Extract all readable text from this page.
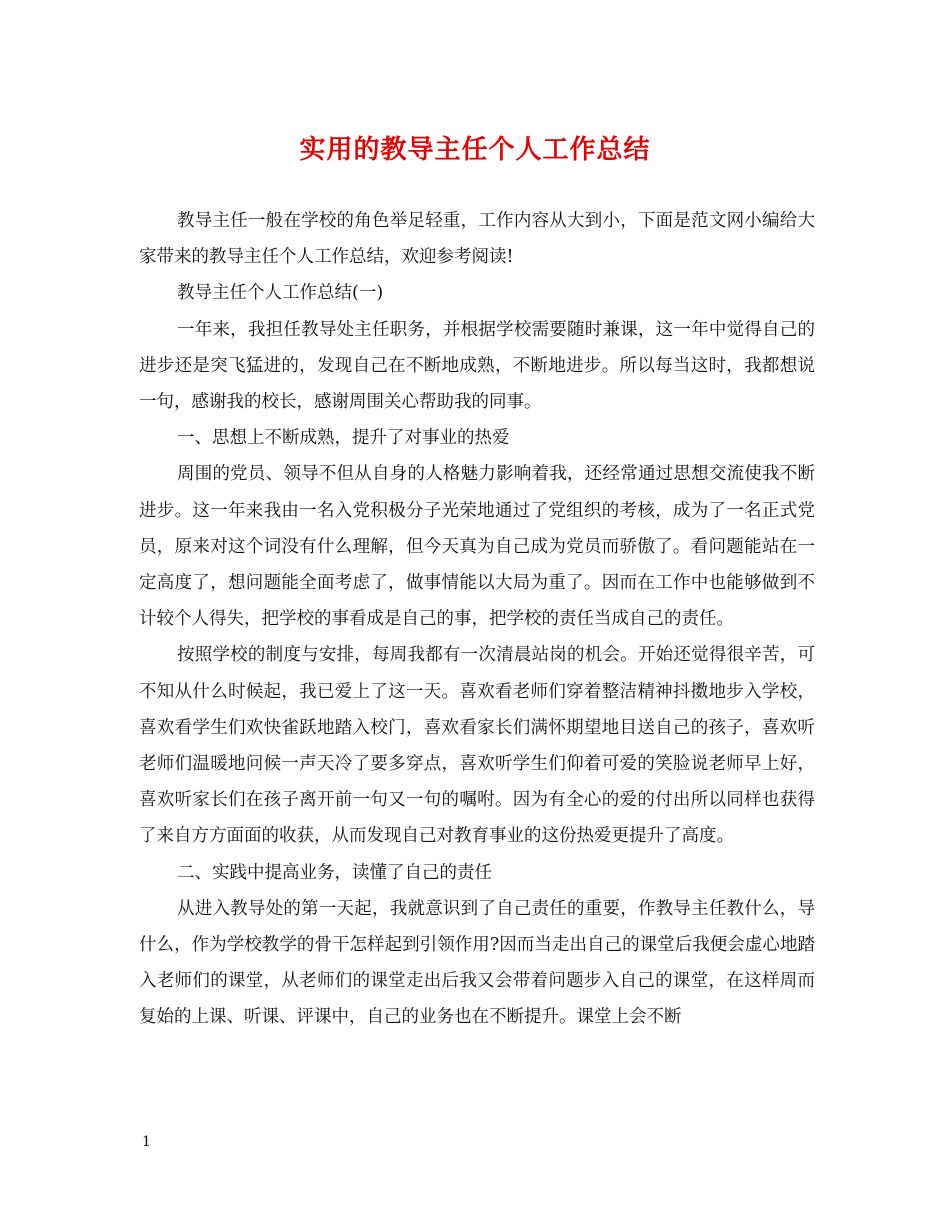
实用的教导主任个人工作总结

教导主任一般在学校的角色举足轻重，工作内容从大到小，下面是范文网小编给大家带来的教导主任个人工作总结，欢迎参考阅读!

教导主任个人工作总结(一)

一年来，我担任教导处主任职务，并根据学校需要随时兼课，这一年中觉得自己的进步还是突飞猛进的，发现自己在不断地成熟，不断地进步。所以每当这时，我都想说一句，感谢我的校长，感谢周围关心帮助我的同事。

一、思想上不断成熟，提升了对事业的热爱

周围的党员、领导不但从自身的人格魅力影响着我，还经常通过思想交流使我不断进步。这一年来我由一名入党积极分子光荣地通过了党组织的考核，成为了一名正式党员，原来对这个词没有什么理解，但今天真为自己成为党员而骄傲了。看问题能站在一定高度了，想问题能全面考虑了，做事情能以大局为重了。因而在工作中也能够做到不计较个人得失，把学校的事看成是自己的事，把学校的责任当成自己的责任。

按照学校的制度与安排，每周我都有一次清晨站岗的机会。开始还觉得很辛苦，可不知从什么时候起，我已爱上了这一天。喜欢看老师们穿着整洁精神抖擞地步入学校，喜欢看学生们欢快雀跃地踏入校门，喜欢看家长们满怀期望地目送自己的孩子，喜欢听老师们温暖地问候一声天冷了要多穿点，喜欢听学生们仰着可爱的笑脸说老师早上好，喜欢听家长们在孩子离开前一句又一句的嘱咐。因为有全心的爱的付出所以同样也获得了来自方方面面的收获，从而发现自己对教育事业的这份热爱更提升了高度。

二、实践中提高业务，读懂了自己的责任

从进入教导处的第一天起，我就意识到了自己责任的重要，作教导主任教什么，导什么，作为学校教学的骨干怎样起到引领作用?因而当走出自己的课堂后我便会虚心地踏入老师们的课堂，从老师们的课堂走出后我又会带着问题步入自己的课堂，在这样周而复始的上课、听课、评课中，自己的业务也在不断提升。课堂上会不断

1
